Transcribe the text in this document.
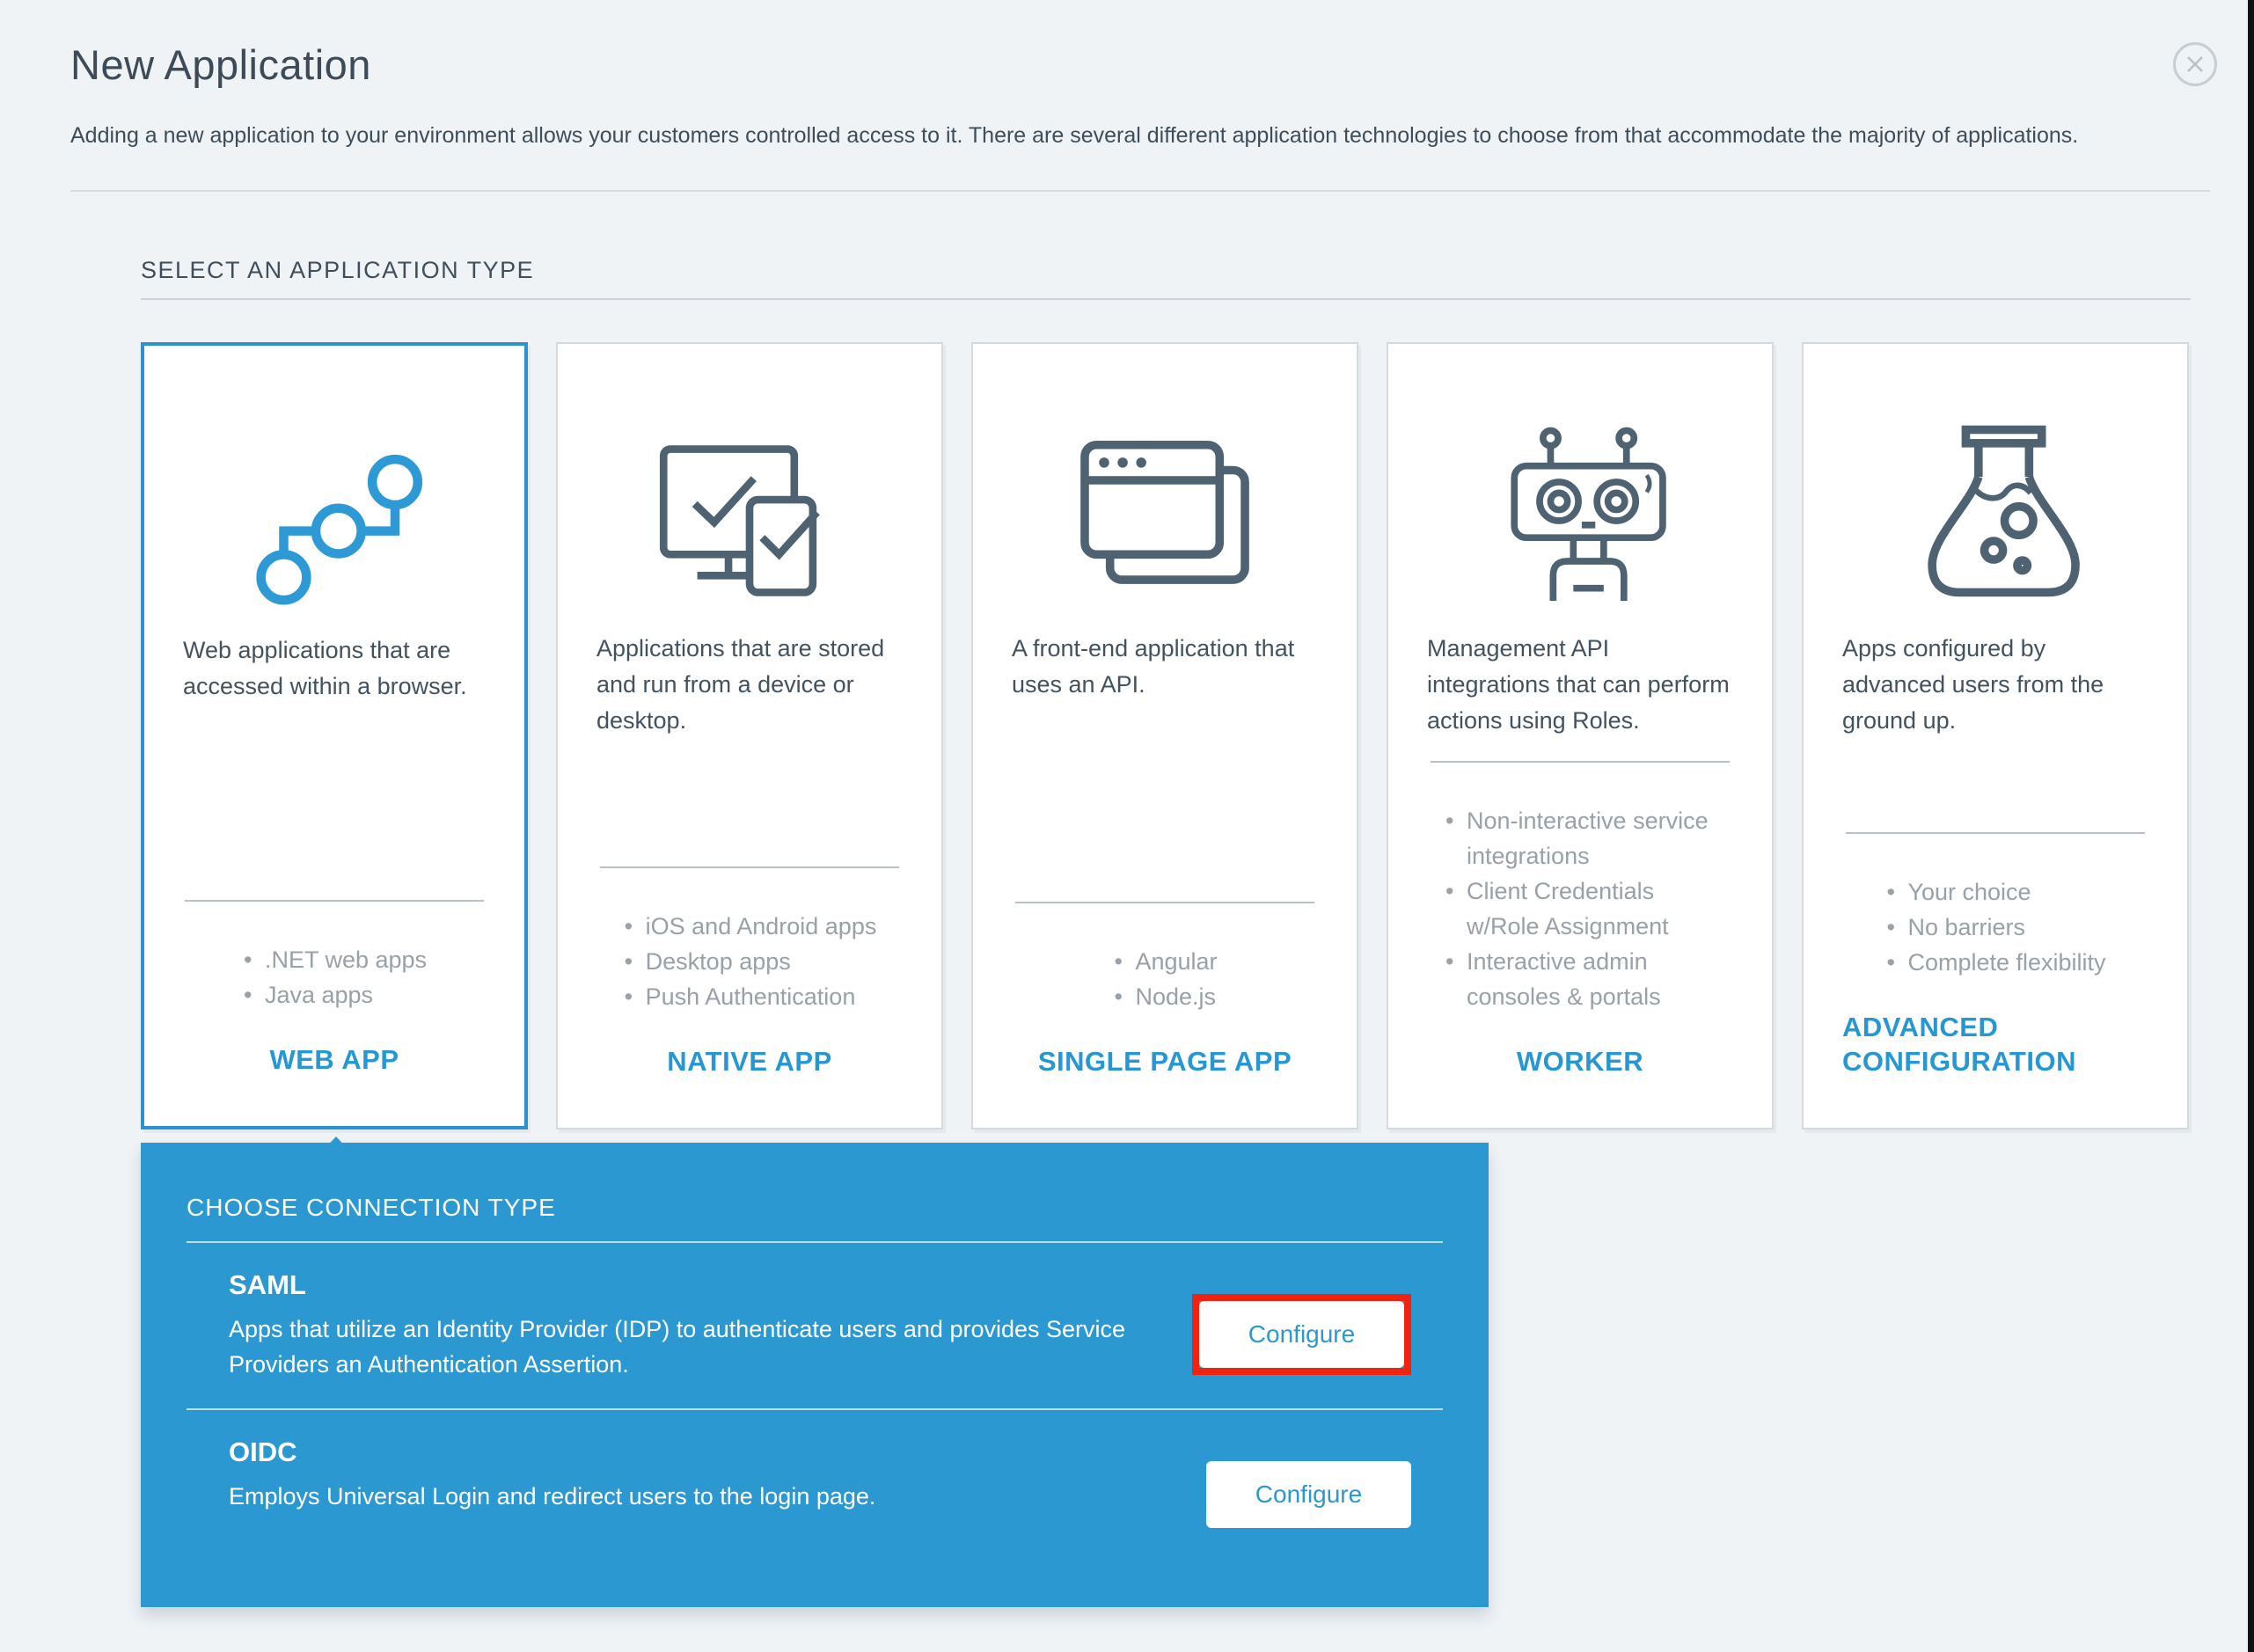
New Application

Adding a new application to your environment allows your customers controlled access to it. There are several different application technologies to choose from that accommodate the majority of applications.

SELECT AN APPLICATION TYPE
Web applications that are accessed within a browser.
• .NET web apps
• Java apps
WEB APP
Applications that are stored and run from a device or desktop.
• iOS and Android apps
• Desktop apps
• Push Authentication
NATIVE APP
A front-end application that uses an API.
• Angular
• Node.js
SINGLE PAGE APP
Management API integrations that can perform actions using Roles.
• Non-interactive service integrations
• Client Credentials w/Role Assignment
• Interactive admin consoles & portals
WORKER
Apps configured by advanced users from the ground up.
• Your choice
• No barriers
• Complete flexibility
ADVANCED CONFIGURATION
CHOOSE CONNECTION TYPE
SAML

Apps that utilize an Identity Provider (IDP) to authenticate users and provides Service Providers an Authentication Assertion.

Configure
OIDC

Employs Universal Login and redirect users to the login page.	Configure
